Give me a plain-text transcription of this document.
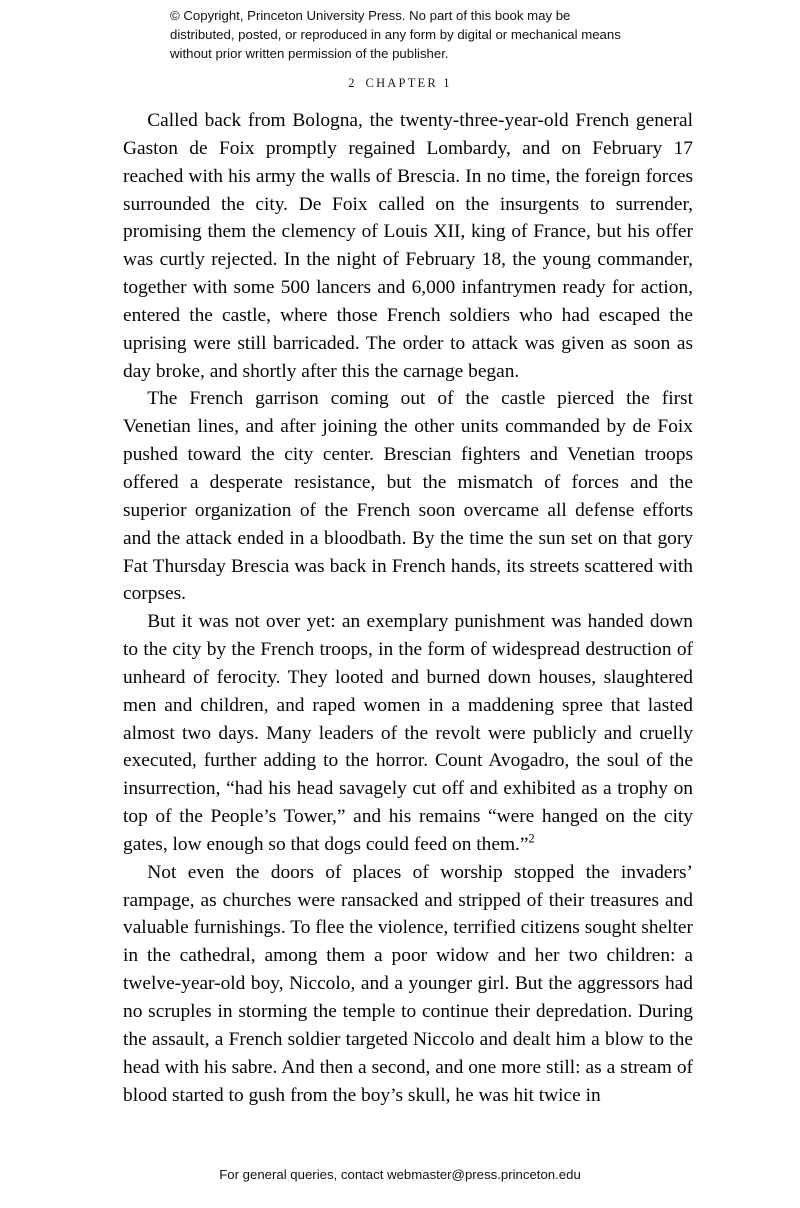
© Copyright, Princeton University Press. No part of this book may be distributed, posted, or reproduced in any form by digital or mechanical means without prior written permission of the publisher.
2 CHAPTER 1

Called back from Bologna, the twenty-three-year-old French general Gaston de Foix promptly regained Lombardy, and on February 17 reached with his army the walls of Brescia. In no time, the foreign forces surrounded the city. De Foix called on the insurgents to surrender, promising them the clemency of Louis XII, king of France, but his offer was curtly rejected. In the night of February 18, the young commander, together with some 500 lancers and 6,000 infantrymen ready for action, entered the castle, where those French soldiers who had escaped the uprising were still barricaded. The order to attack was given as soon as day broke, and shortly after this the carnage began.

The French garrison coming out of the castle pierced the first Venetian lines, and after joining the other units commanded by de Foix pushed toward the city center. Brescian fighters and Venetian troops offered a desperate resistance, but the mismatch of forces and the superior organization of the French soon overcame all defense efforts and the attack ended in a bloodbath. By the time the sun set on that gory Fat Thursday Brescia was back in French hands, its streets scattered with corpses.

But it was not over yet: an exemplary punishment was handed down to the city by the French troops, in the form of widespread destruction of unheard of ferocity. They looted and burned down houses, slaughtered men and children, and raped women in a maddening spree that lasted almost two days. Many leaders of the revolt were publicly and cruelly executed, further adding to the horror. Count Avogadro, the soul of the insurrection, “had his head savagely cut off and exhibited as a trophy on top of the People’s Tower,” and his remains “were hanged on the city gates, low enough so that dogs could feed on them.”$^2$

Not even the doors of places of worship stopped the invaders’ rampage, as churches were ransacked and stripped of their treasures and valuable furnishings. To flee the violence, terrified citizens sought shelter in the cathedral, among them a poor widow and her two children: a twelve-year-old boy, Niccolo, and a younger girl. But the aggressors had no scruples in storming the temple to continue their depredation. During the assault, a French soldier targeted Niccolo and dealt him a blow to the head with his sabre. And then a second, and one more still: as a stream of blood started to gush from the boy’s skull, he was hit twice in

For general queries, contact webmaster@press.princeton.edu
